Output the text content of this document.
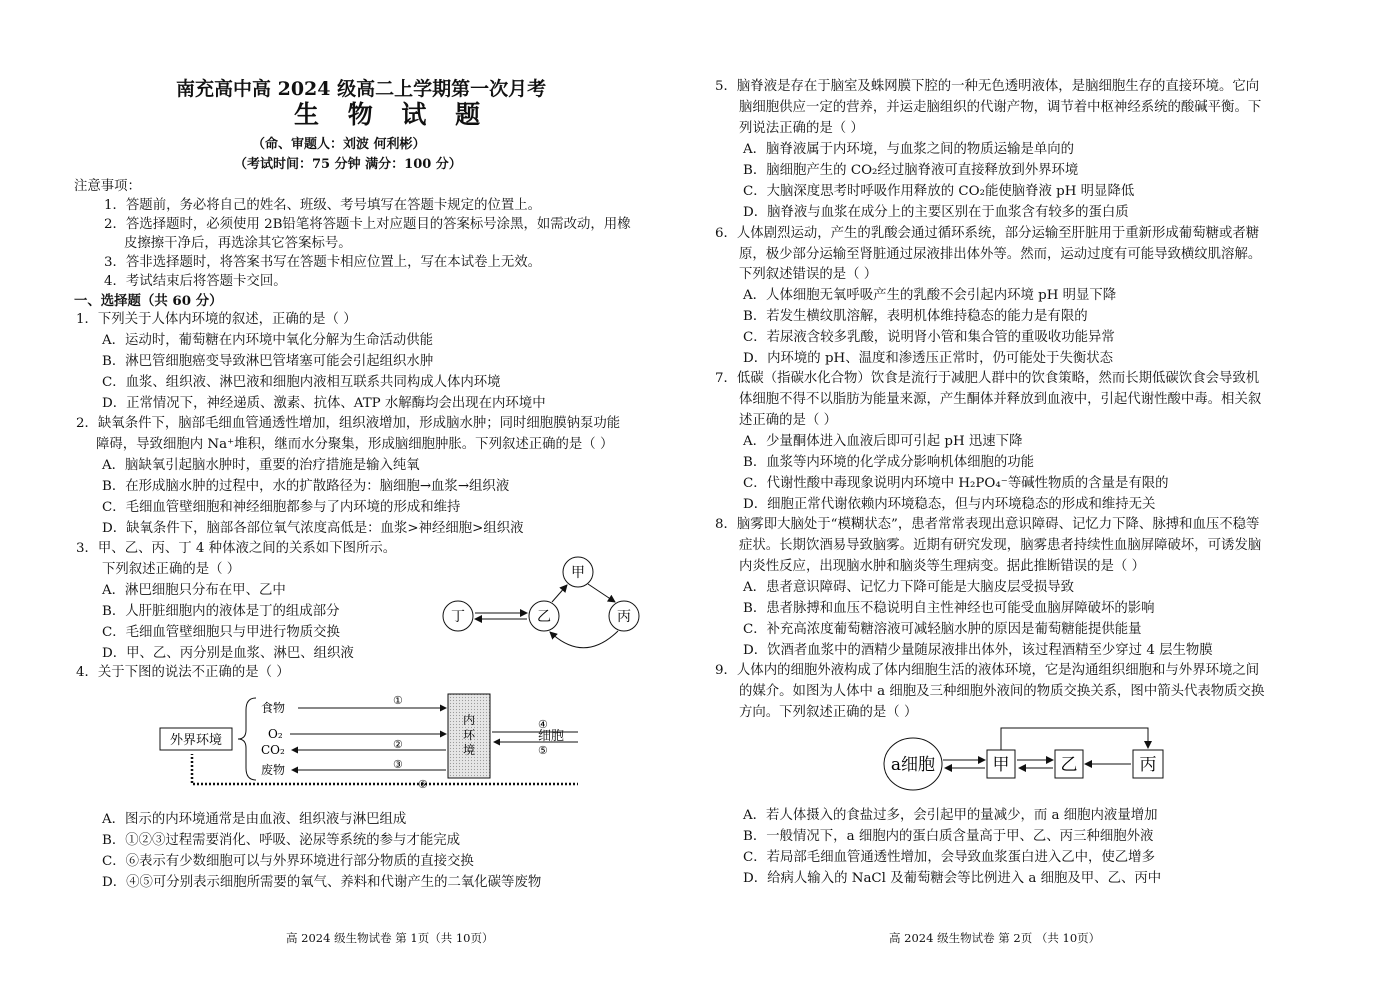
南充高中高 2024 级高二上学期第一次月考
生 物 试 题
（命、审题人：刘波 何利彬）
（考试时间：75 分钟 满分：100 分）
注意事项：
1．答题前，务必将自己的姓名、班级、考号填写在答题卡规定的位置上。
2．答选择题时，必须使用 2B铅笔将答题卡上对应题目的答案标号涂黑，如需改动，用橡
皮擦擦干净后，再选涂其它答案标号。
3．答非选择题时，将答案书写在答题卡相应位置上，写在本试卷上无效。
4．考试结束后将答题卡交回。
一、选择题（共 60 分）
1．下列关于人体内环境的叙述，正确的是（ ）
A．运动时，葡萄糖在内环境中氧化分解为生命活动供能
B．淋巴管细胞癌变导致淋巴管堵塞可能会引起组织水肿
C．血浆、组织液、淋巴液和细胞内液相互联系共同构成人体内环境
D．正常情况下，神经递质、激素、抗体、ATP 水解酶均会出现在内环境中
2．缺氧条件下，脑部毛细血管通透性增加，组织液增加，形成脑水肿；同时细胞膜钠泵功能
障碍，导致细胞内 Na⁺堆积，继而水分聚集，形成脑细胞肿胀。下列叙述正确的是（ ）
A．脑缺氧引起脑水肿时，重要的治疗措施是输入纯氧
B．在形成脑水肿的过程中，水的扩散路径为：脑细胞→血浆→组织液
C．毛细血管壁细胞和神经细胞都参与了内环境的形成和维持
D．缺氧条件下，脑部各部位氧气浓度高低是：血浆>神经细胞>组织液
3．甲、乙、丙、丁 4 种体液之间的关系如下图所示。
下列叙述正确的是（ ）
A．淋巴细胞只分布在甲、乙中
B．人肝脏细胞内的液体是丁的组成部分
C．毛细血管壁细胞只与甲进行物质交换
D．甲、乙、丙分别是血浆、淋巴、组织液
甲
乙	丙
丁
4．关于下图的说法不正确的是（ ）
外界环境
食物
O₂
CO₂
废物
内环境
①
②
③
④
⑤
⑥
A．图示的内环境通常是由血液、组织液与淋巴组成
B．①②③过程需要消化、呼吸、泌尿等系统的参与才能完成
C．⑥表示有少数细胞可以与外界环境进行部分物质的直接交换
D．④⑤可分别表示细胞所需要的氧气、养料和代谢产生的二氧化碳等废物
高 2024 级生物试卷 第 1页（共 10页）
细胞
5．脑脊液是存在于脑室及蛛网膜下腔的一种无色透明液体，是脑细胞生存的直接环境。它向
脑细胞供应一定的营养，并运走脑组织的代谢产物，调节着中枢神经系统的酸碱平衡。下
列说法正确的是（ ）
A．脑脊液属于内环境，与血浆之间的物质运输是单向的
B．脑细胞产生的 CO₂经过脑脊液可直接释放到外界环境
C．大脑深度思考时呼吸作用释放的 CO₂能使脑脊液 pH 明显降低
D．脑脊液与血浆在成分上的主要区别在于血浆含有较多的蛋白质
6．人体剧烈运动，产生的乳酸会通过循环系统，部分运输至肝脏用于重新形成葡萄糖或者糖
原，极少部分运输至肾脏通过尿液排出体外等。然而，运动过度有可能导致横纹肌溶解。
下列叙述错误的是（ ）
A．人体细胞无氧呼吸产生的乳酸不会引起内环境 pH 明显下降
B．若发生横纹肌溶解，表明机体维持稳态的能力是有限的
C．若尿液含较多乳酸，说明肾小管和集合管的重吸收功能异常
D．内环境的 pH、温度和渗透压正常时，仍可能处于失衡状态
7．低碳（指碳水化合物）饮食是流行于减肥人群中的饮食策略，然而长期低碳饮食会导致机
体细胞不得不以脂肪为能量来源，产生酮体并释放到血液中，引起代谢性酸中毒。相关叙
述正确的是（ ）
A．少量酮体进入血液后即可引起 pH 迅速下降
B．血浆等内环境的化学成分影响机体细胞的功能
C．代谢性酸中毒现象说明内环境中 H₂PO₄⁻等碱性物质的含量是有限的
D．细胞正常代谢依赖内环境稳态，但与内环境稳态的形成和维持无关
8．脑雾即大脑处于“模糊状态”，患者常常表现出意识障碍、记忆力下降、脉搏和血压不稳等
症状。长期饮酒易导致脑雾。近期有研究发现，脑雾患者持续性血脑屏障破坏，可诱发脑
内炎性反应，出现脑水肿和脑炎等生理病变。据此推断错误的是（ ）
A．患者意识障碍、记忆力下降可能是大脑皮层受损导致
B．患者脉搏和血压不稳说明自主性神经也可能受血脑屏障破坏的影响
C．补充高浓度葡萄糖溶液可减轻脑水肿的原因是葡萄糖能提供能量
D．饮酒者血浆中的酒精少量随尿液排出体外，该过程酒精至少穿过 4 层生物膜
9．人体内的细胞外液构成了体内细胞生活的液体环境，它是沟通组织细胞和与外界环境之间
的媒介。如图为人体中 a 细胞及三种细胞外液间的物质交换关系，图中箭头代表物质交换
方向。下列叙述正确的是（ ）
a细胞	甲	乙	丙
A．若人体摄入的食盐过多，会引起甲的量减少，而 a 细胞内液量增加
B．一般情况下，a 细胞内的蛋白质含量高于甲、乙、丙三种细胞外液
C．若局部毛细血管通透性增加，会导致血浆蛋白进入乙中，使乙增多
D．给病人输入的 NaCl 及葡萄糖会等比例进入 a 细胞及甲、乙、丙中
高 2024 级生物试卷 第 2页 （共 10页）
